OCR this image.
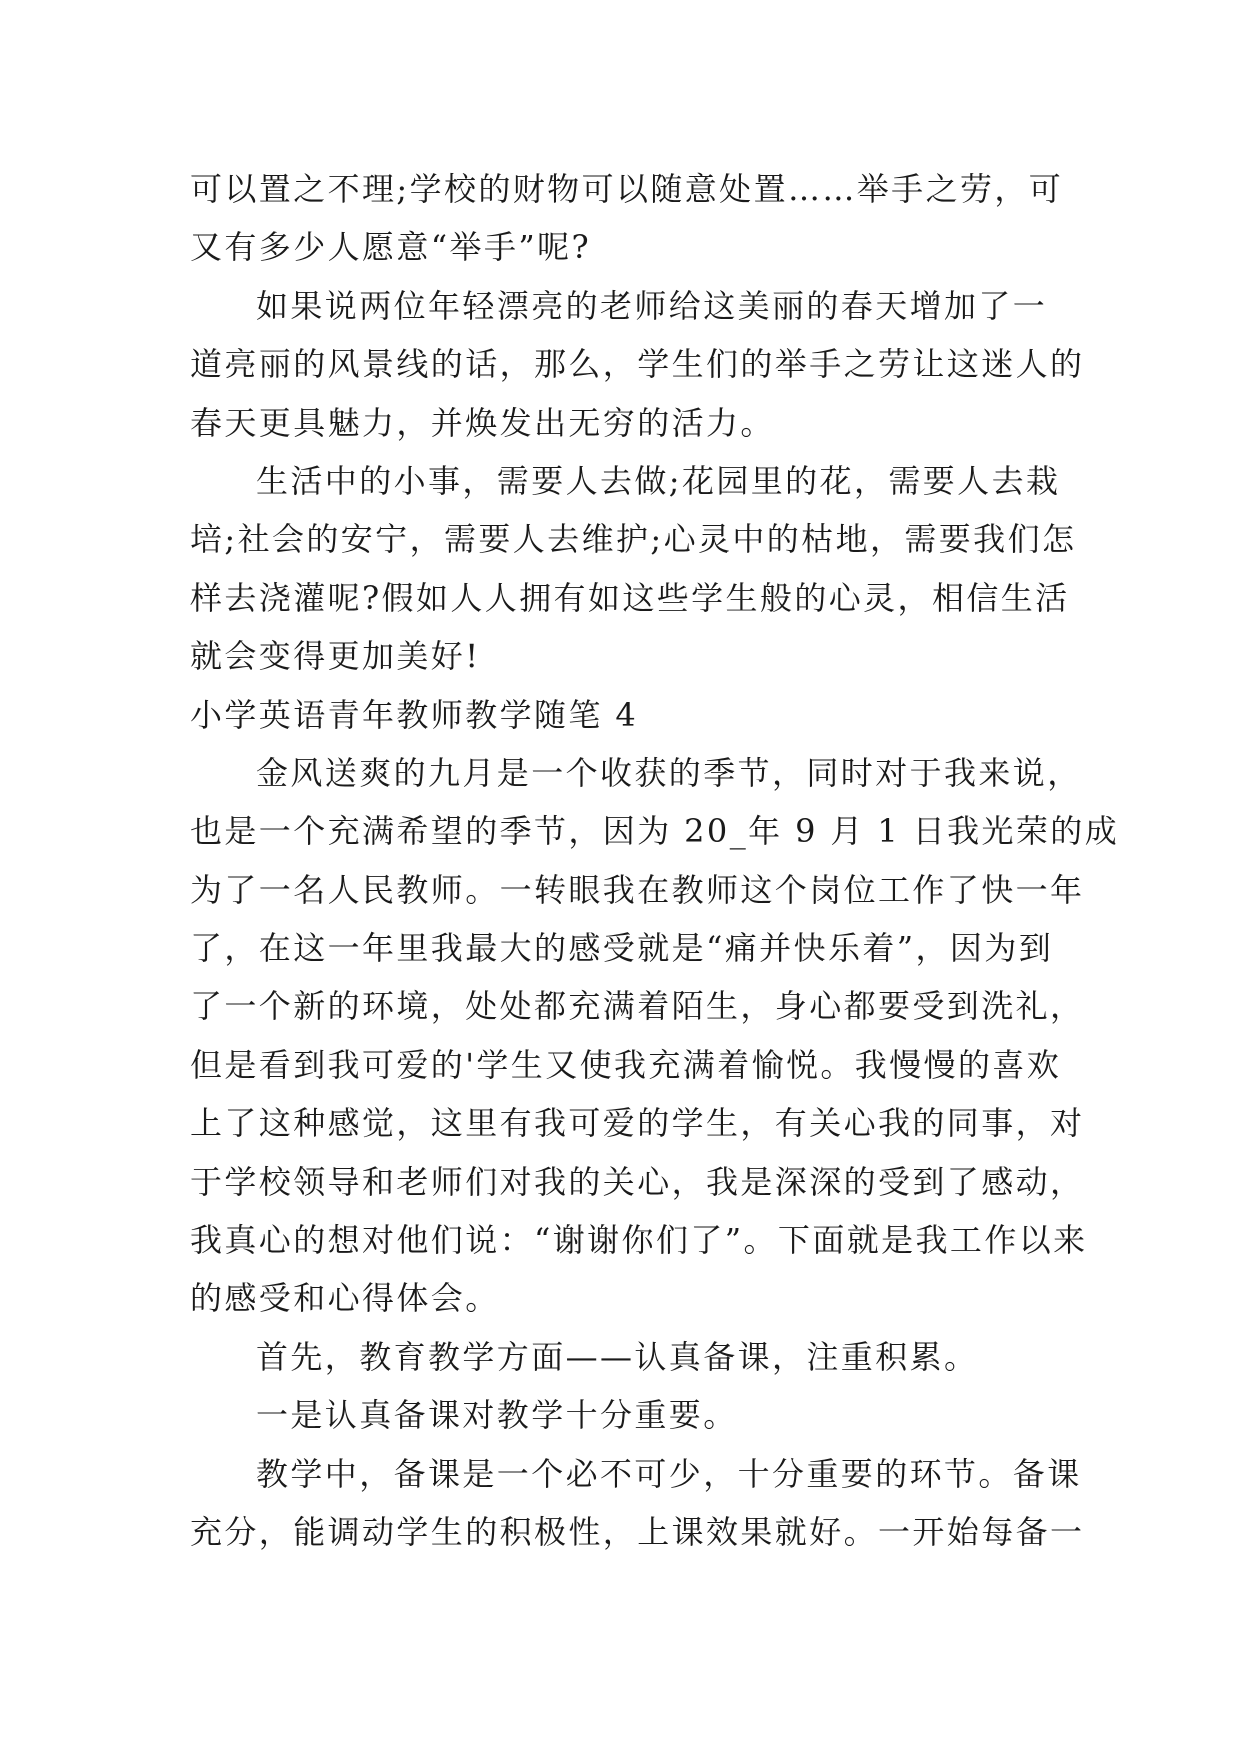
可以置之不理;学校的财物可以随意处置……举手之劳，可
又有多少人愿意“举手”呢?
如果说两位年轻漂亮的老师给这美丽的春天增加了一
道亮丽的风景线的话，那么，学生们的举手之劳让这迷人的
春天更具魅力，并焕发出无穷的活力。
生活中的小事，需要人去做;花园里的花，需要人去栽
培;社会的安宁，需要人去维护;心灵中的枯地，需要我们怎
样去浇灌呢?假如人人拥有如这些学生般的心灵，相信生活
就会变得更加美好!
小学英语青年教师教学随笔 4
金风送爽的九月是一个收获的季节，同时对于我来说，
也是一个充满希望的季节，因为 20_年 9 月 1 日我光荣的成
为了一名人民教师。一转眼我在教师这个岗位工作了快一年
了，在这一年里我最大的感受就是“痛并快乐着”，因为到
了一个新的环境，处处都充满着陌生，身心都要受到洗礼，
但是看到我可爱的'学生又使我充满着愉悦。我慢慢的喜欢
上了这种感觉，这里有我可爱的学生，有关心我的同事，对
于学校领导和老师们对我的关心，我是深深的受到了感动，
我真心的想对他们说：“谢谢你们了”。下面就是我工作以来
的感受和心得体会。
首先，教育教学方面——认真备课，注重积累。
一是认真备课对教学十分重要。
教学中，备课是一个必不可少，十分重要的环节。备课
充分，能调动学生的积极性，上课效果就好。一开始每备一
